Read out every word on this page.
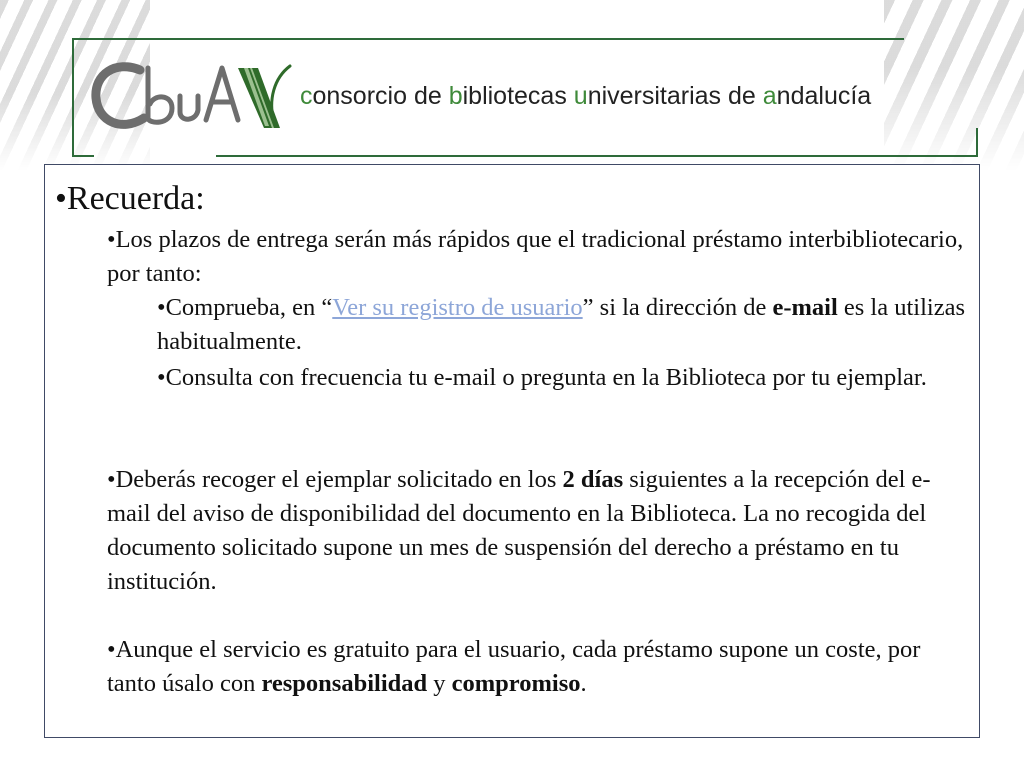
consorcio de bibliotecas universitarias de andalucía
•Recuerda:
•Los plazos de entrega serán más rápidos que el tradicional préstamo interbibliotecario, por tanto:
•Comprueba, en “Ver su registro de usuario” si la dirección de e-mail es la utilizas habitualmente.
•Consulta con frecuencia tu e-mail o pregunta en la Biblioteca por tu ejemplar.
•Deberás recoger el ejemplar solicitado en los 2 días siguientes a la recepción del e-mail del aviso de disponibilidad del documento en la Biblioteca. La no recogida del documento solicitado supone un mes de suspensión del derecho a préstamo en tu institución.
•Aunque el servicio es gratuito para el usuario, cada préstamo supone un coste, por tanto úsalo con responsabilidad y compromiso.
